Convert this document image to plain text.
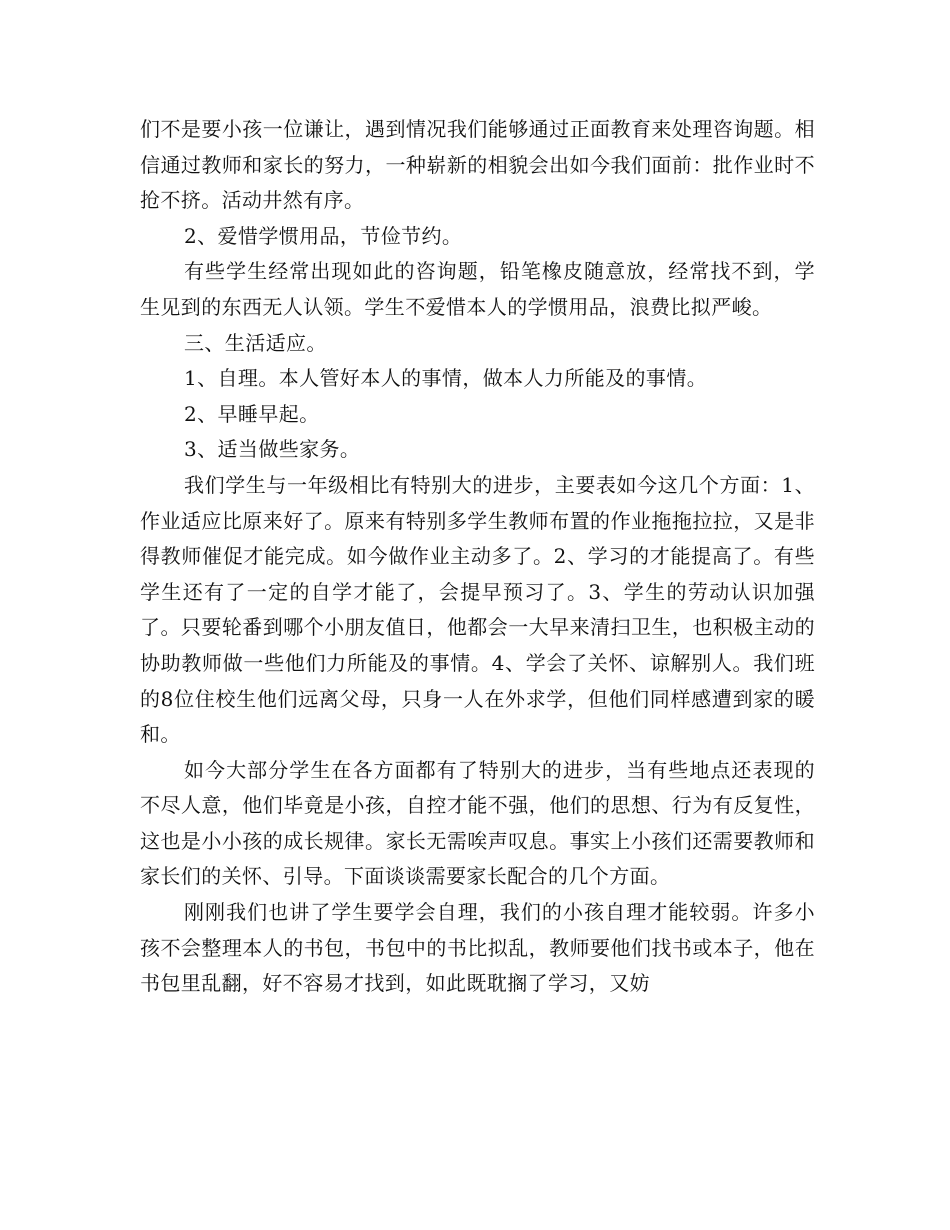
们不是要小孩一位谦让，遇到情况我们能够通过正面教育来处理咨询题。相信通过教师和家长的努力，一种崭新的相貌会出如今我们面前：批作业时不抢不挤。活动井然有序。

2、爱惜学惯用品，节俭节约。

有些学生经常出现如此的咨询题，铅笔橡皮随意放，经常找不到，学生见到的东西无人认领。学生不爱惜本人的学惯用品，浪费比拟严峻。

三、生活适应。

1、自理。本人管好本人的事情，做本人力所能及的事情。

2、早睡早起。

3、适当做些家务。

我们学生与一年级相比有特别大的进步，主要表如今这几个方面：1、作业适应比原来好了。原来有特别多学生教师布置的作业拖拖拉拉，又是非得教师催促才能完成。如今做作业主动多了。2、学习的才能提高了。有些学生还有了一定的自学才能了，会提早预习了。3、学生的劳动认识加强了。只要轮番到哪个小朋友值日，他都会一大早来清扫卫生，也积极主动的协助教师做一些他们力所能及的事情。4、学会了关怀、谅解别人。我们班的8位住校生他们远离父母，只身一人在外求学，但他们同样感遭到家的暖和。

如今大部分学生在各方面都有了特别大的进步，当有些地点还表现的不尽人意，他们毕竟是小孩，自控才能不强，他们的思想、行为有反复性，这也是小小孩的成长规律。家长无需唉声叹息。事实上小孩们还需要教师和家长们的关怀、引导。下面谈谈需要家长配合的几个方面。

刚刚我们也讲了学生要学会自理，我们的小孩自理才能较弱。许多小孩不会整理本人的书包，书包中的书比拟乱，教师要他们找书或本子，他在书包里乱翻，好不容易才找到，如此既耽搁了学习，又妨
